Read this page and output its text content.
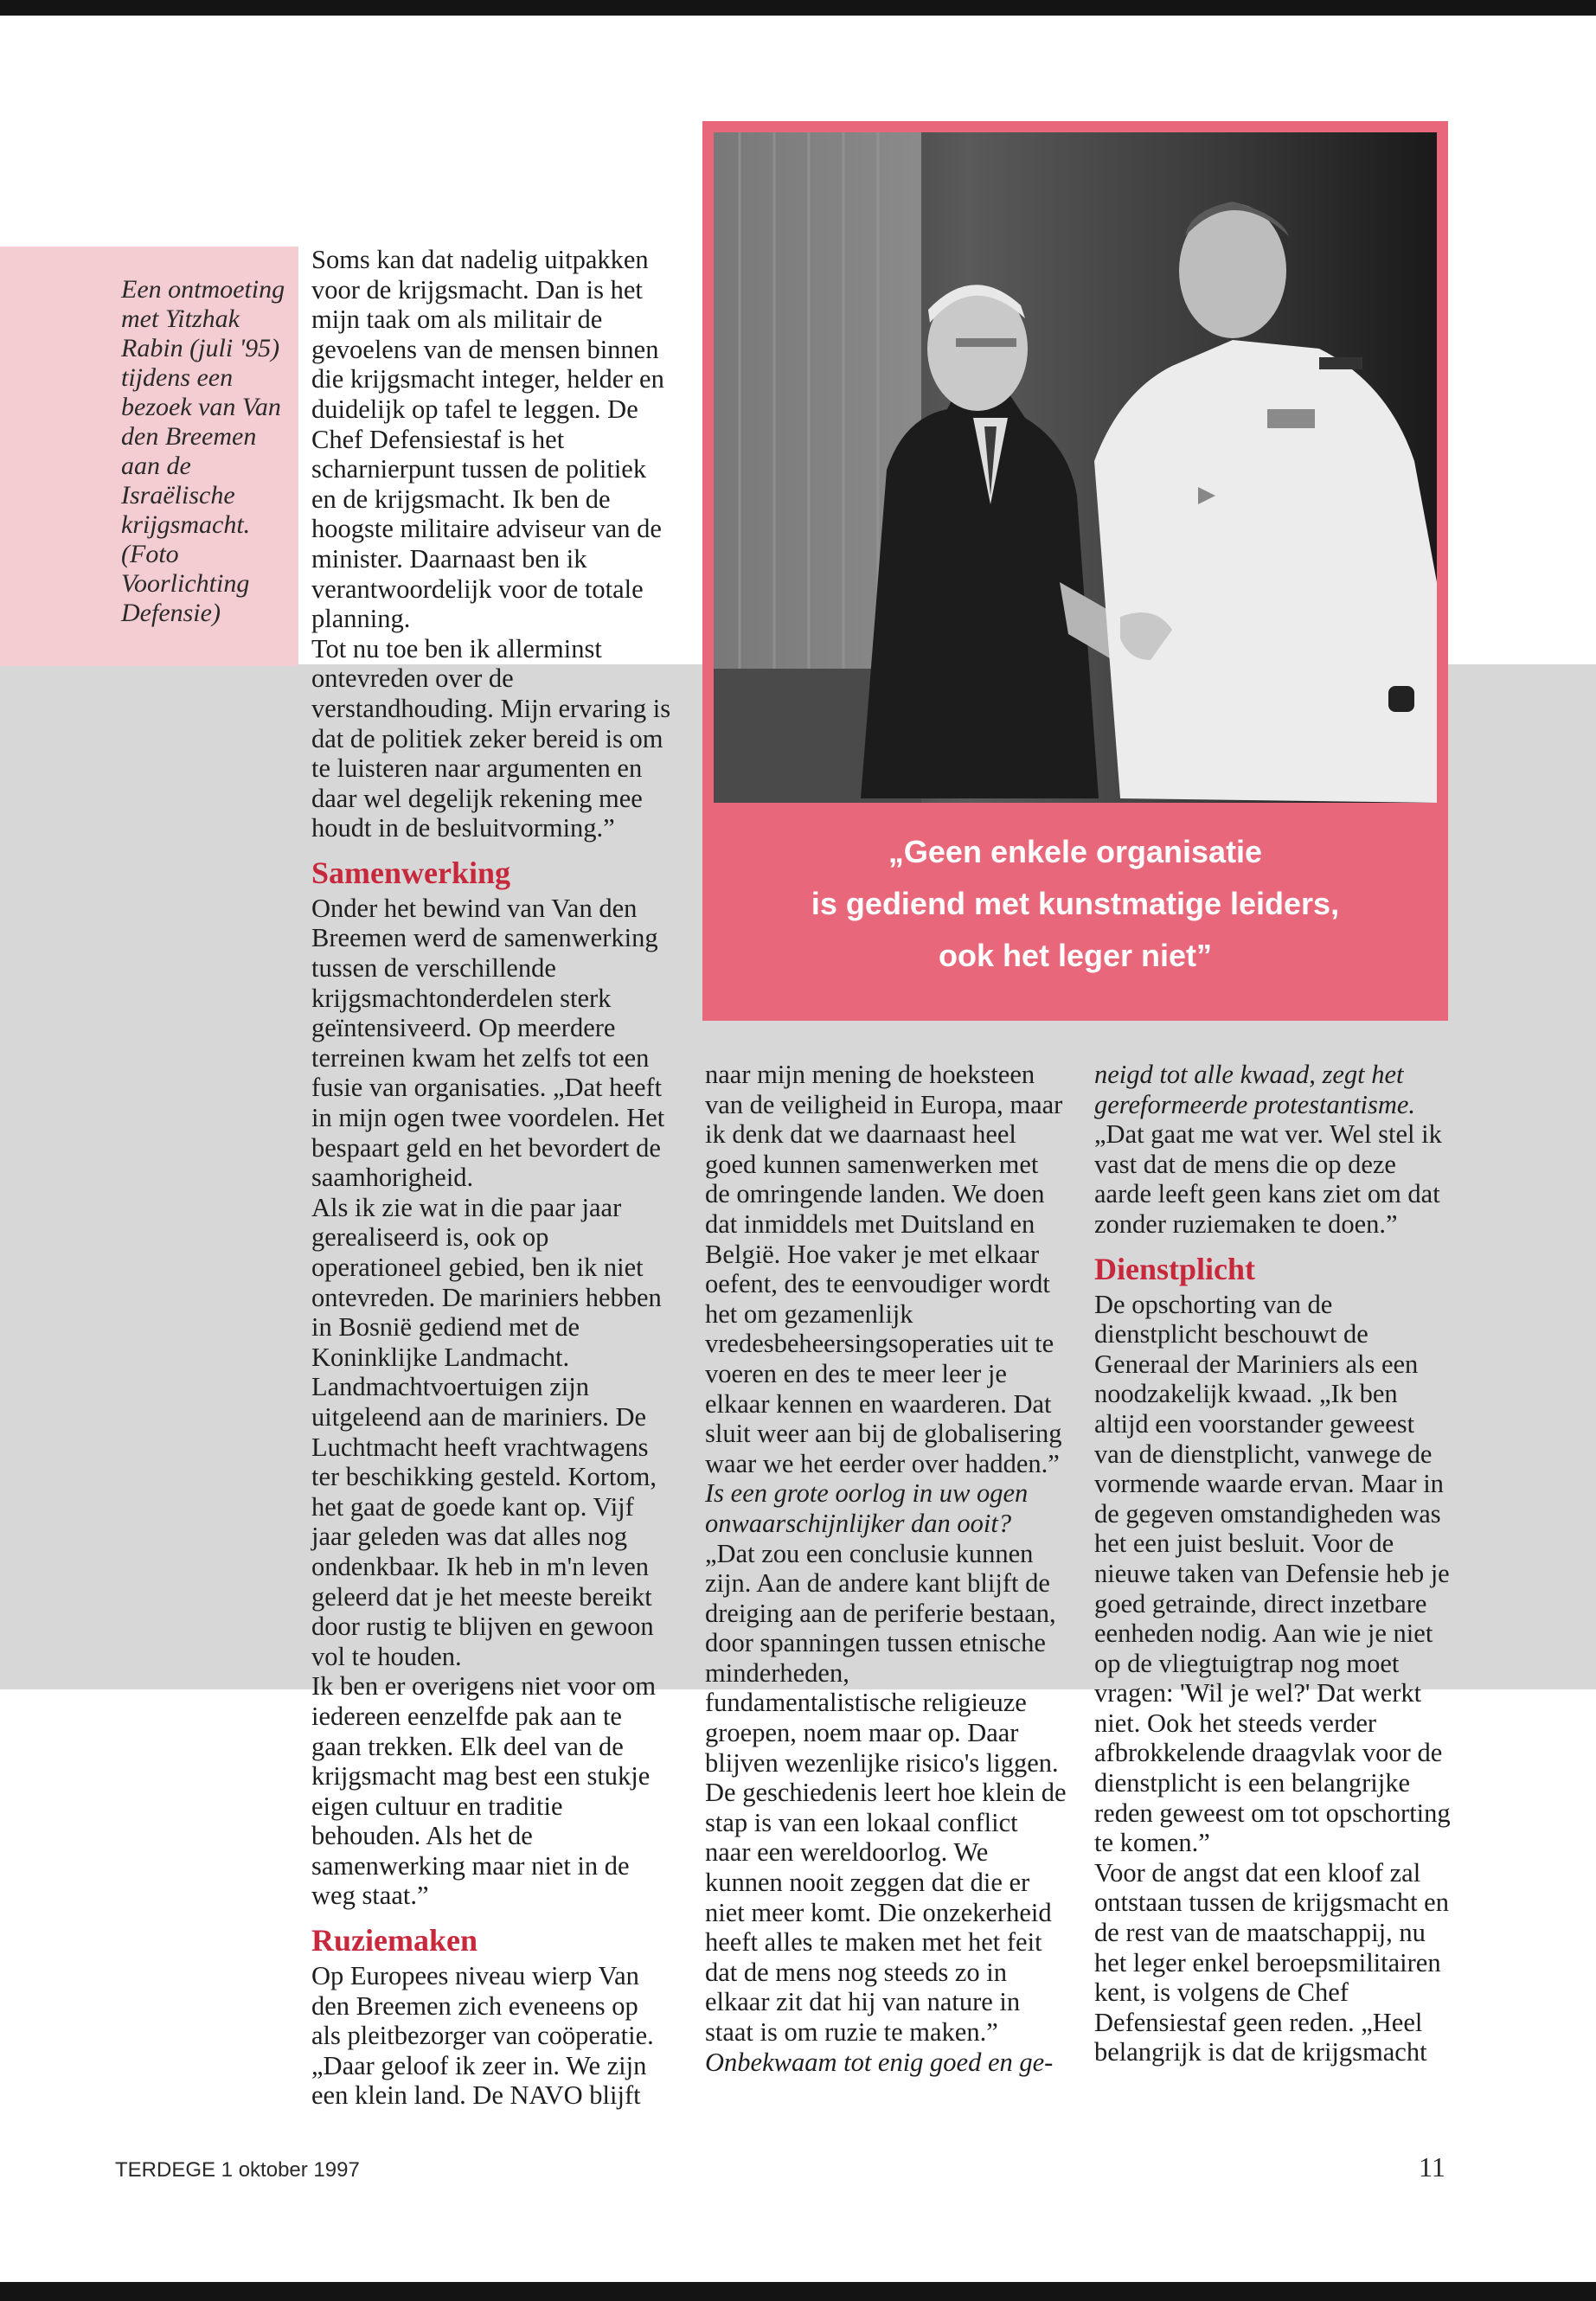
Een ontmoeting met Yitzhak Rabin (juli '95) tijdens een bezoek van Van den Breemen aan de Israëlische krijgsmacht. (Foto Voorlichting Defensie)
„Geen enkele organisatie
is gediend met kunstmatige leiders,
ook het leger niet”

Soms kan dat nadelig uitpakken voor de krijgsmacht. Dan is het mijn taak om als militair de gevoelens van de mensen binnen die krijgsmacht integer, helder en duidelijk op tafel te leggen. De Chef Defensiestaf is het scharnierpunt tussen de politiek en de krijgsmacht. Ik ben de hoogste militaire adviseur van de minister. Daarnaast ben ik verantwoordelijk voor de totale planning.

Tot nu toe ben ik allerminst ontevreden over de verstandhouding. Mijn ervaring is dat de politiek zeker bereid is om te luisteren naar argumenten en daar wel degelijk rekening mee houdt in de besluitvorming.”

Samenwerking

Onder het bewind van Van den Breemen werd de samenwerking tussen de verschillende krijgsmachtonderdelen sterk geïntensiveerd. Op meerdere terreinen kwam het zelfs tot een fusie van organisaties. „Dat heeft in mijn ogen twee voordelen. Het bespaart geld en het bevordert de saamhorigheid.

Als ik zie wat in die paar jaar gerealiseerd is, ook op operationeel gebied, ben ik niet ontevreden. De mariniers hebben in Bosnië gediend met de Koninklijke Landmacht. Landmachtvoertuigen zijn uitgeleend aan de mariniers. De Luchtmacht heeft vrachtwagens ter beschikking gesteld. Kortom, het gaat de goede kant op. Vijf jaar geleden was dat alles nog ondenkbaar. Ik heb in m'n leven geleerd dat je het meeste bereikt door rustig te blijven en gewoon vol te houden.

Ik ben er overigens niet voor om iedereen eenzelfde pak aan te gaan trekken. Elk deel van de krijgsmacht mag best een stukje eigen cultuur en traditie behouden. Als het de samenwerking maar niet in de weg staat.”

Ruziemaken

Op Europees niveau wierp Van den Breemen zich eveneens op als pleitbezorger van coöperatie. „Daar geloof ik zeer in. We zijn een klein land. De NAVO blijft

naar mijn mening de hoeksteen van de veiligheid in Europa, maar ik denk dat we daarnaast heel goed kunnen samenwerken met de omringende landen. We doen dat inmiddels met Duitsland en België. Hoe vaker je met elkaar oefent, des te eenvoudiger wordt het om gezamenlijk vredesbeheersingsoperaties uit te voeren en des te meer leer je elkaar kennen en waarderen. Dat sluit weer aan bij de globalisering waar we het eerder over hadden.”

Is een grote oorlog in uw ogen onwaarschijnlijker dan ooit?

„Dat zou een conclusie kunnen zijn. Aan de andere kant blijft de dreiging aan de periferie bestaan, door spanningen tussen etnische minderheden, fundamentalistische religieuze groepen, noem maar op. Daar blijven wezenlijke risico's liggen. De geschiedenis leert hoe klein de stap is van een lokaal conflict naar een wereldoorlog. We kunnen nooit zeggen dat die er niet meer komt. Die onzekerheid heeft alles te maken met het feit dat de mens nog steeds zo in elkaar zit dat hij van nature in staat is om ruzie te maken.”

Onbekwaam tot enig goed en ge-

neigd tot alle kwaad, zegt het gereformeerde protestantisme.

„Dat gaat me wat ver. Wel stel ik vast dat de mens die op deze aarde leeft geen kans ziet om dat zonder ruziemaken te doen.”

Dienstplicht

De opschorting van de dienstplicht beschouwt de Generaal der Mariniers als een noodzakelijk kwaad. „Ik ben altijd een voorstander geweest van de dienstplicht, vanwege de vormende waarde ervan. Maar in de gegeven omstandigheden was het een juist besluit. Voor de nieuwe taken van Defensie heb je goed getrainde, direct inzetbare eenheden nodig. Aan wie je niet op de vliegtuigtrap nog moet vragen: 'Wil je wel?' Dat werkt niet. Ook het steeds verder afbrokkelende draagvlak voor de dienstplicht is een belangrijke reden geweest om tot opschorting te komen.”

Voor de angst dat een kloof zal ontstaan tussen de krijgsmacht en de rest van de maatschappij, nu het leger enkel beroepsmilitairen kent, is volgens de Chef Defensiestaf geen reden. „Heel belangrijk is dat de krijgsmacht

TERDEGE 1 oktober 1997	11
